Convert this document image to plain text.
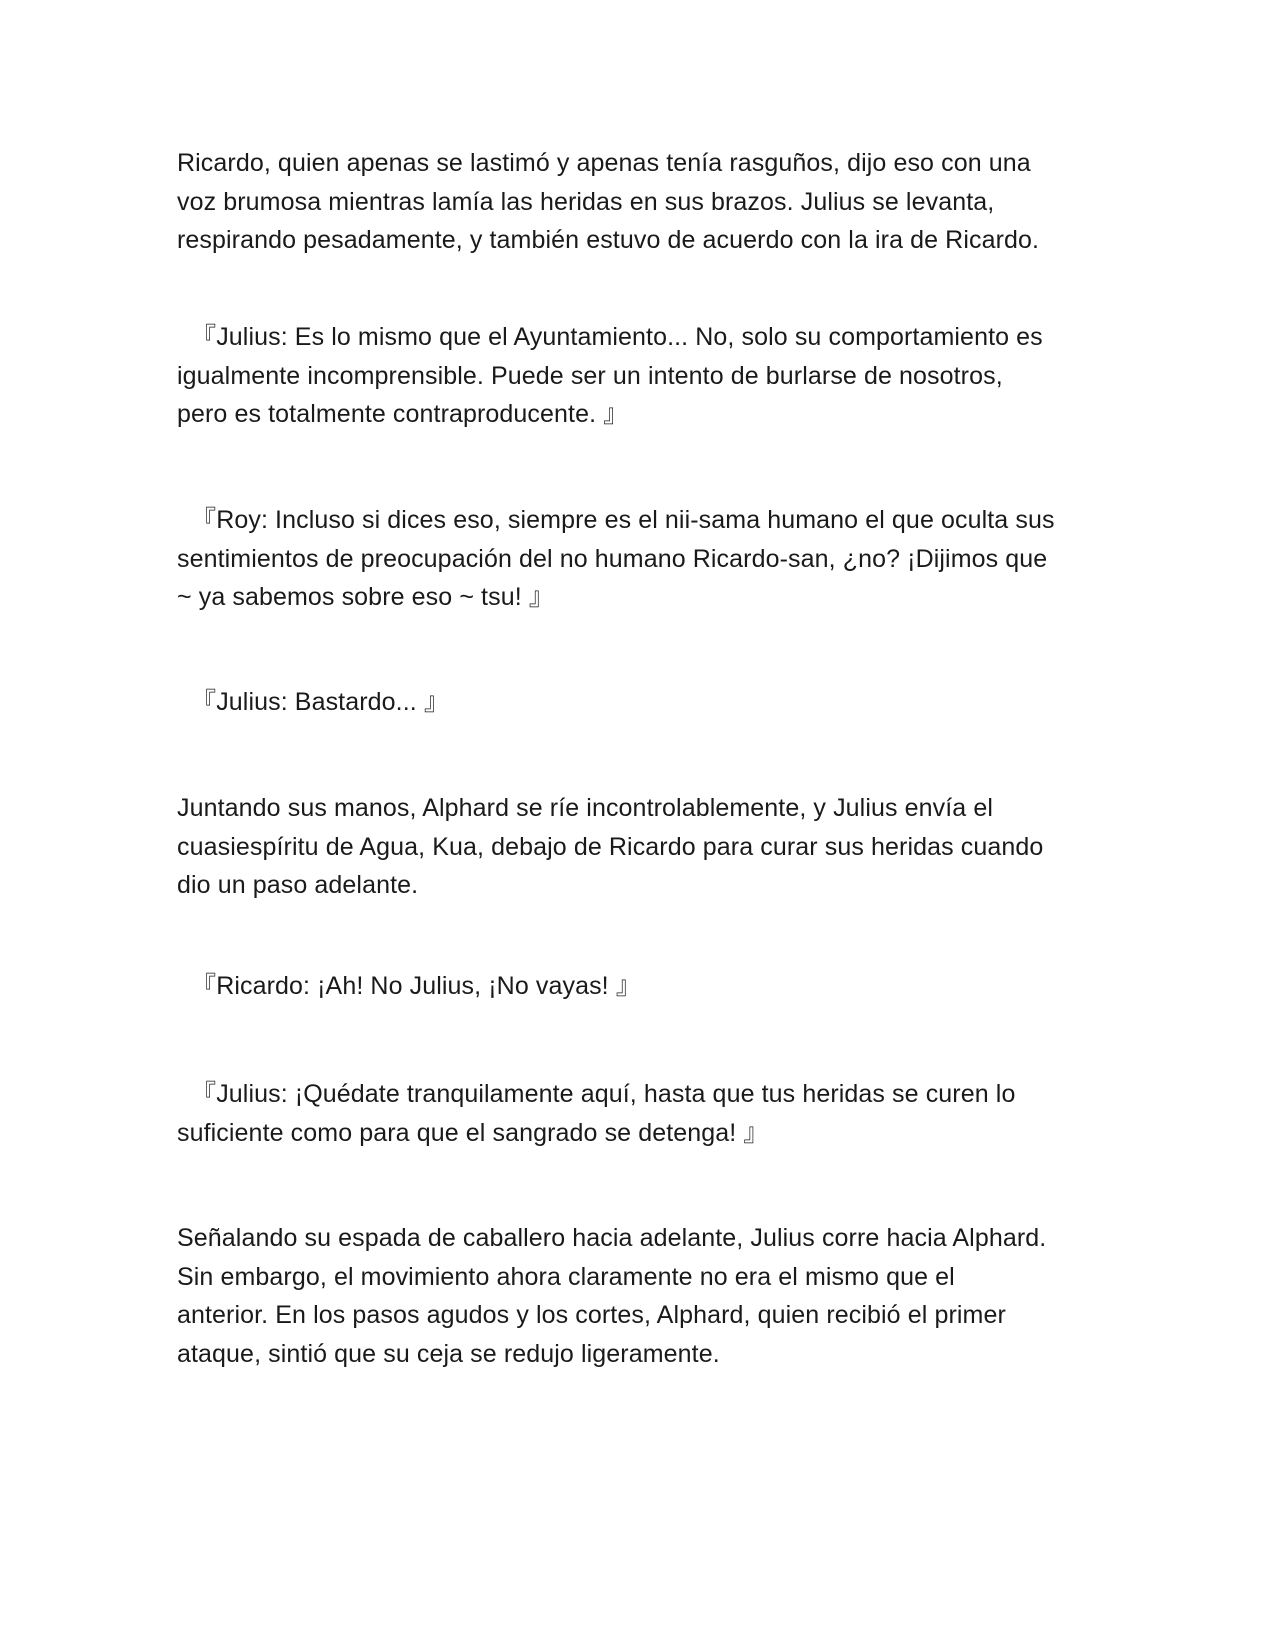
Ricardo, quien apenas se lastimó y apenas tenía rasguños, dijo eso con una
voz brumosa mientras lamía las heridas en sus brazos. Julius se levanta,
respirando pesadamente, y también estuvo de acuerdo con la ira de Ricardo.

『Julius: Es lo mismo que el Ayuntamiento... No, solo su comportamiento es
igualmente incomprensible. Puede ser un intento de burlarse de nosotros,
pero es totalmente contraproducente. 』

『Roy: Incluso si dices eso, siempre es el nii-sama humano el que oculta sus
sentimientos de preocupación del no humano Ricardo-san, ¿no? ¡Dijimos que
~ ya sabemos sobre eso ~ tsu! 』

『Julius: Bastardo... 』

Juntando sus manos, Alphard se ríe incontrolablemente, y Julius envía el
cuasiespíritu de Agua, Kua, debajo de Ricardo para curar sus heridas cuando
dio un paso adelante.

『Ricardo: ¡Ah! No Julius, ¡No vayas! 』

『Julius: ¡Quédate tranquilamente aquí, hasta que tus heridas se curen lo
suficiente como para que el sangrado se detenga! 』

Señalando su espada de caballero hacia adelante, Julius corre hacia Alphard.
Sin embargo, el movimiento ahora claramente no era el mismo que el
anterior. En los pasos agudos y los cortes, Alphard, quien recibió el primer
ataque, sintió que su ceja se redujo ligeramente.
